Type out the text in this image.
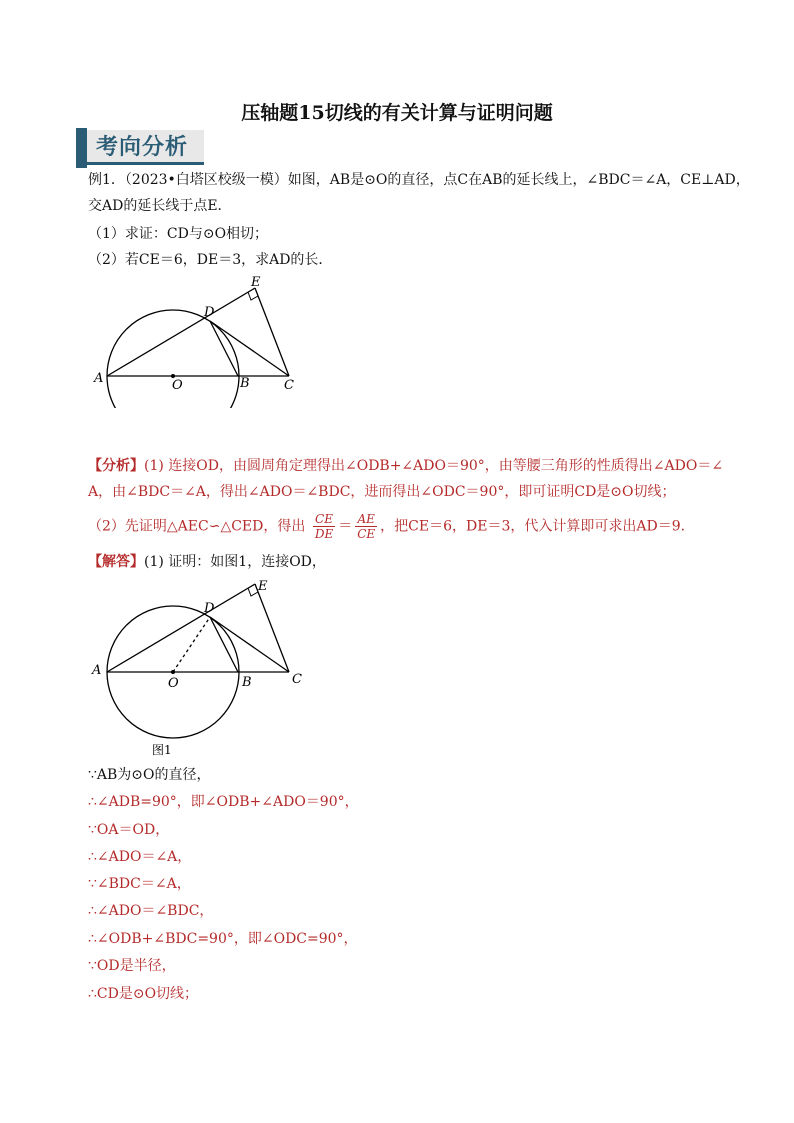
压轴题15切线的有关计算与证明问题
考向分析
例1．（2023•白塔区校级一模）如图，AB是⊙O的直径，点C在AB的延长线上，∠BDC＝∠A，CE⊥AD，
交AD的延长线于点E．
（1）求证：CD与⊙O相切；
（2）若CE＝6，DE＝3，求AD的长．
A	O	B	C
D
E
【分析】(1) 连接OD，由圆周角定理得出∠ODB+∠ADO＝90°，由等腰三角形的性质得出∠ADO＝∠
A，由∠BDC＝∠A，得出∠ADO＝∠BDC，进而得出∠ODC＝90°，即可证明CD是⊙O切线；
（2）先证明△AEC∽△CED，得出 $\frac{CE}{DE} = \frac{AE}{CE}$ ，把CE＝6，DE＝3，代入计算即可求出AD＝9．
【解答】(1) 证明：如图1，连接OD，
A
O	B	C
D
E
图1
∵AB为⊙O的直径，
∴∠ADB=90°，即∠ODB+∠ADO＝90°，
∵OA＝OD，
∴∠ADO＝∠A，
∵∠BDC＝∠A，
∴∠ADO＝∠BDC，
∴∠ODB+∠BDC=90°，即∠ODC=90°，
∵OD是半径，
∴CD是⊙O切线；
